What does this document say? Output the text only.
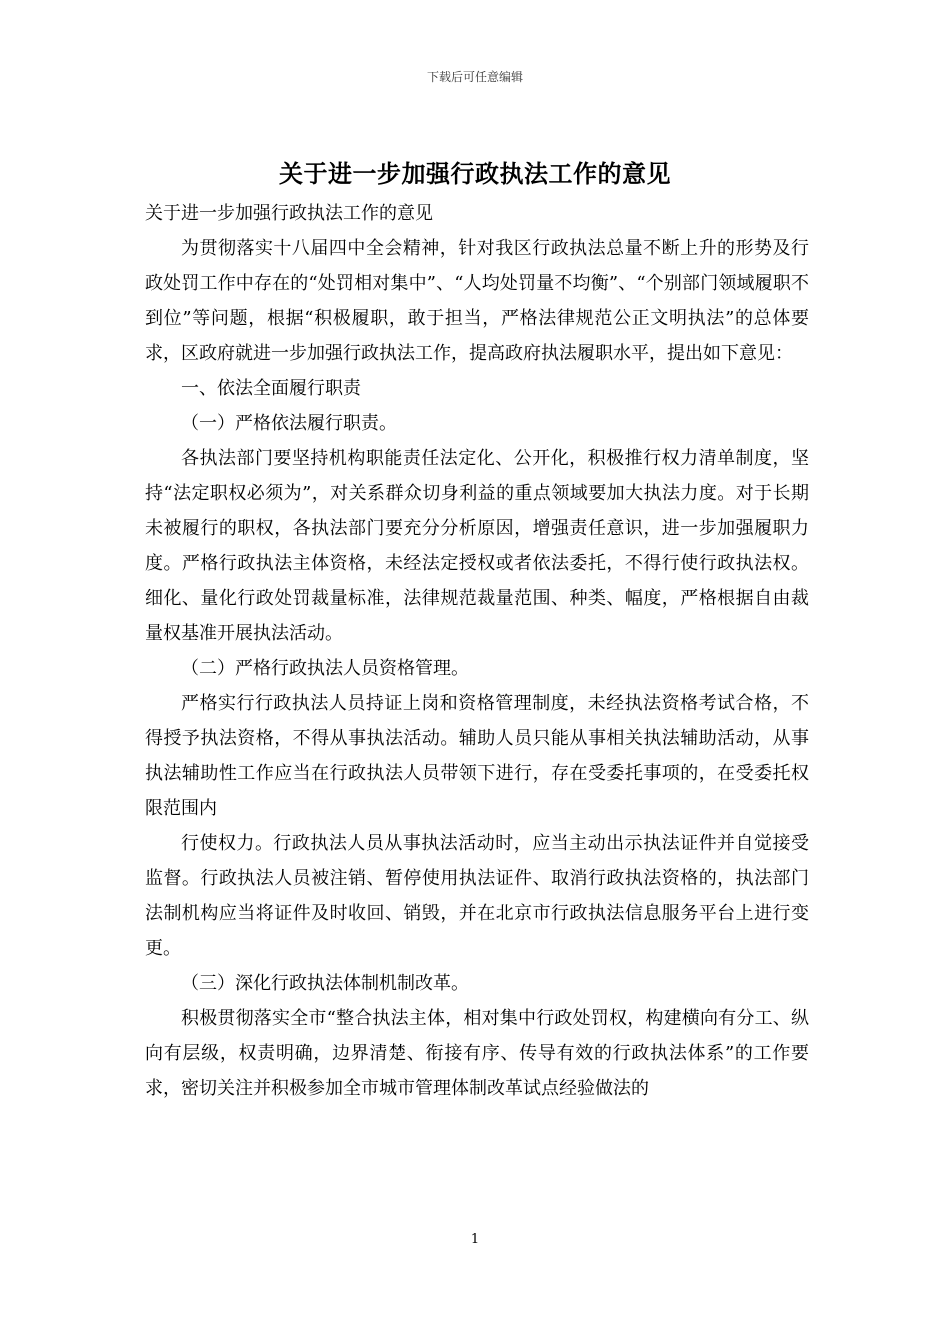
下载后可任意编辑
关于进一步加强行政执法工作的意见

关于进一步加强行政执法工作的意见

为贯彻落实十八届四中全会精神，针对我区行政执法总量不断上升的形势及行政处罚工作中存在的“处罚相对集中”、“人均处罚量不均衡”、“个别部门领域履职不到位”等问题，根据“积极履职，敢于担当，严格法律规范公正文明执法”的总体要求，区政府就进一步加强行政执法工作，提高政府执法履职水平，提出如下意见：

一、依法全面履行职责

（一）严格依法履行职责。

各执法部门要坚持机构职能责任法定化、公开化，积极推行权力清单制度，坚持“法定职权必须为”，对关系群众切身利益的重点领域要加大执法力度。对于长期未被履行的职权，各执法部门要充分分析原因，增强责任意识，进一步加强履职力度。严格行政执法主体资格，未经法定授权或者依法委托，不得行使行政执法权。细化、量化行政处罚裁量标准，法律规范裁量范围、种类、幅度，严格根据自由裁量权基准开展执法活动。

（二）严格行政执法人员资格管理。

严格实行行政执法人员持证上岗和资格管理制度，未经执法资格考试合格，不得授予执法资格，不得从事执法活动。辅助人员只能从事相关执法辅助活动，从事执法辅助性工作应当在行政执法人员带领下进行，存在受委托事项的，在受委托权限范围内

行使权力。行政执法人员从事执法活动时，应当主动出示执法证件并自觉接受监督。行政执法人员被注销、暂停使用执法证件、取消行政执法资格的，执法部门法制机构应当将证件及时收回、销毁，并在北京市行政执法信息服务平台上进行变更。

（三）深化行政执法体制机制改革。

积极贯彻落实全市“整合执法主体，相对集中行政处罚权，构建横向有分工、纵向有层级，权责明确，边界清楚、衔接有序、传导有效的行政执法体系”的工作要求，密切关注并积极参加全市城市管理体制改革试点经验做法的

1
